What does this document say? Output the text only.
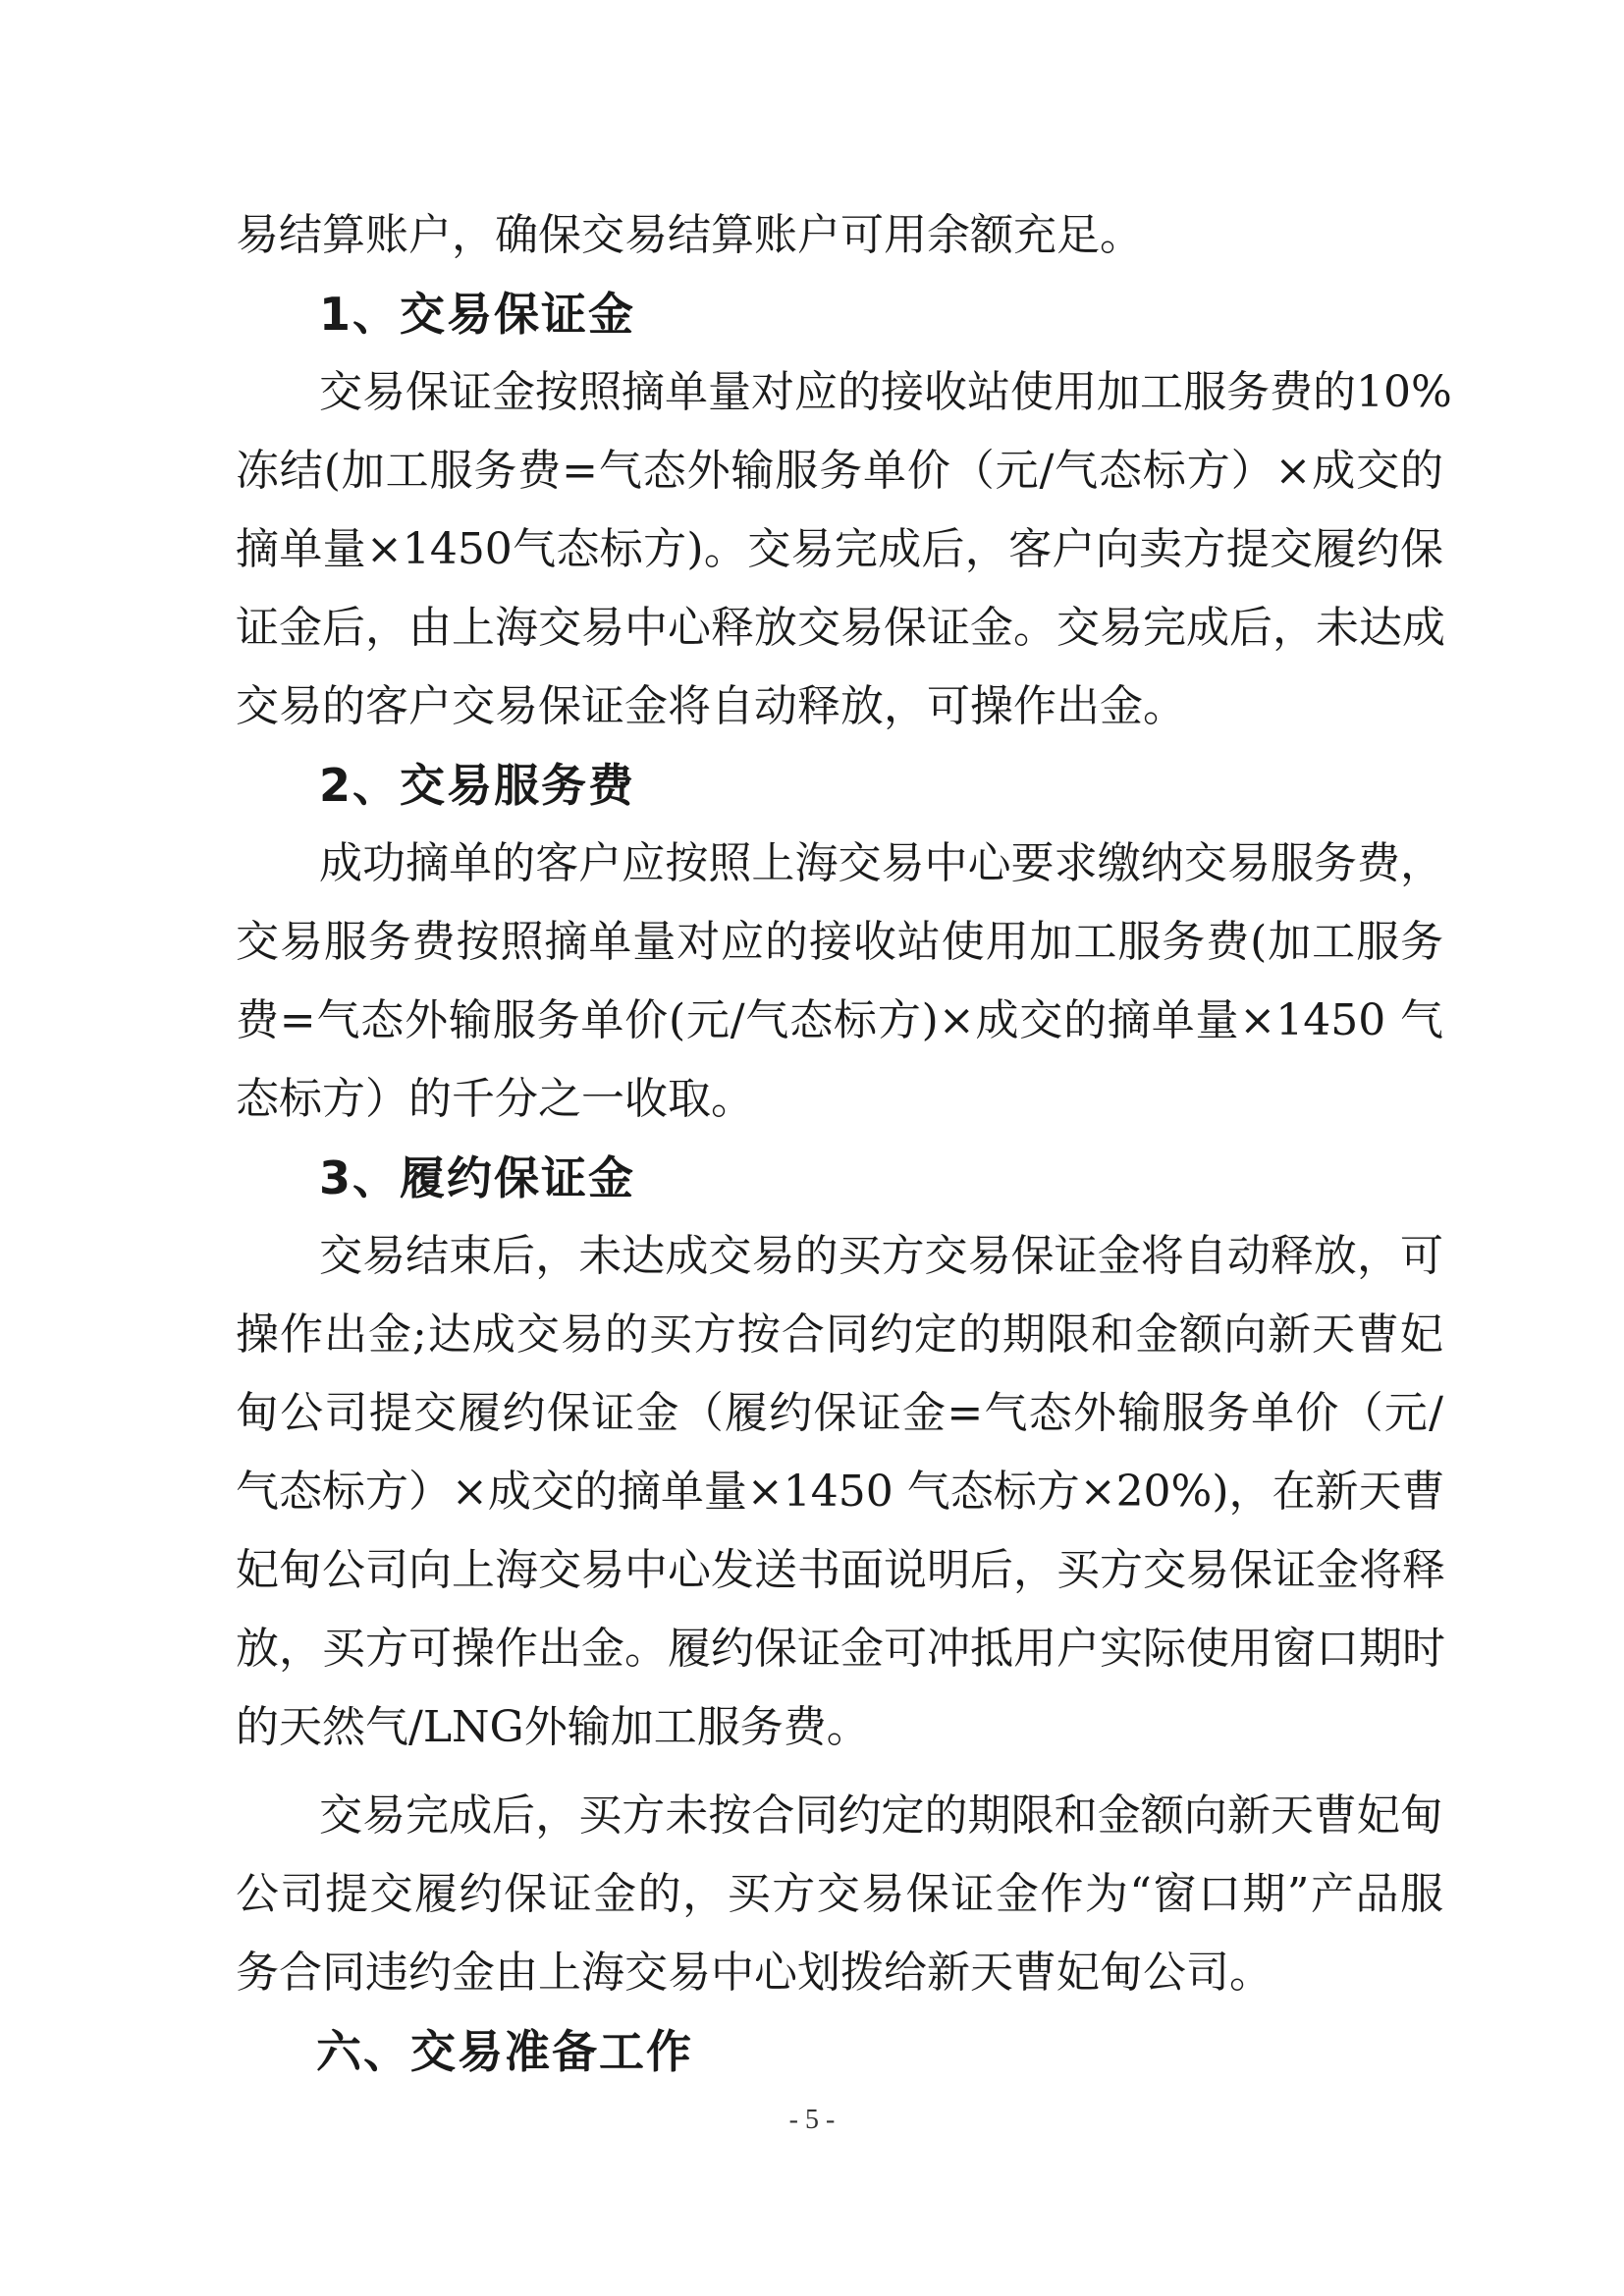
易结算账户，确保交易结算账户可用余额充足。
1、交易保证金
交易保证金按照摘单量对应的接收站使用加工服务费的10%
冻结(加工服务费=气态外输服务单价（元/气态标方）×成交的
摘单量×1450气态标方)。交易完成后，客户向卖方提交履约保
证金后，由上海交易中心释放交易保证金。交易完成后，未达成
交易的客户交易保证金将自动释放，可操作出金。
2、交易服务费
成功摘单的客户应按照上海交易中心要求缴纳交易服务费，
交易服务费按照摘单量对应的接收站使用加工服务费(加工服务
费=气态外输服务单价(元/气态标方)×成交的摘单量×1450 气
态标方）的千分之一收取。
3、履约保证金
交易结束后，未达成交易的买方交易保证金将自动释放，可
操作出金;达成交易的买方按合同约定的期限和金额向新天曹妃
甸公司提交履约保证金（履约保证金=气态外输服务单价（元/
气态标方）×成交的摘单量×1450 气态标方×20%)，在新天曹
妃甸公司向上海交易中心发送书面说明后，买方交易保证金将释
放，买方可操作出金。履约保证金可冲抵用户实际使用窗口期时
的天然气/LNG外输加工服务费。
交易完成后，买方未按合同约定的期限和金额向新天曹妃甸
公司提交履约保证金的，买方交易保证金作为“窗口期”产品服
务合同违约金由上海交易中心划拨给新天曹妃甸公司。
六、交易准备工作
- 5 -
